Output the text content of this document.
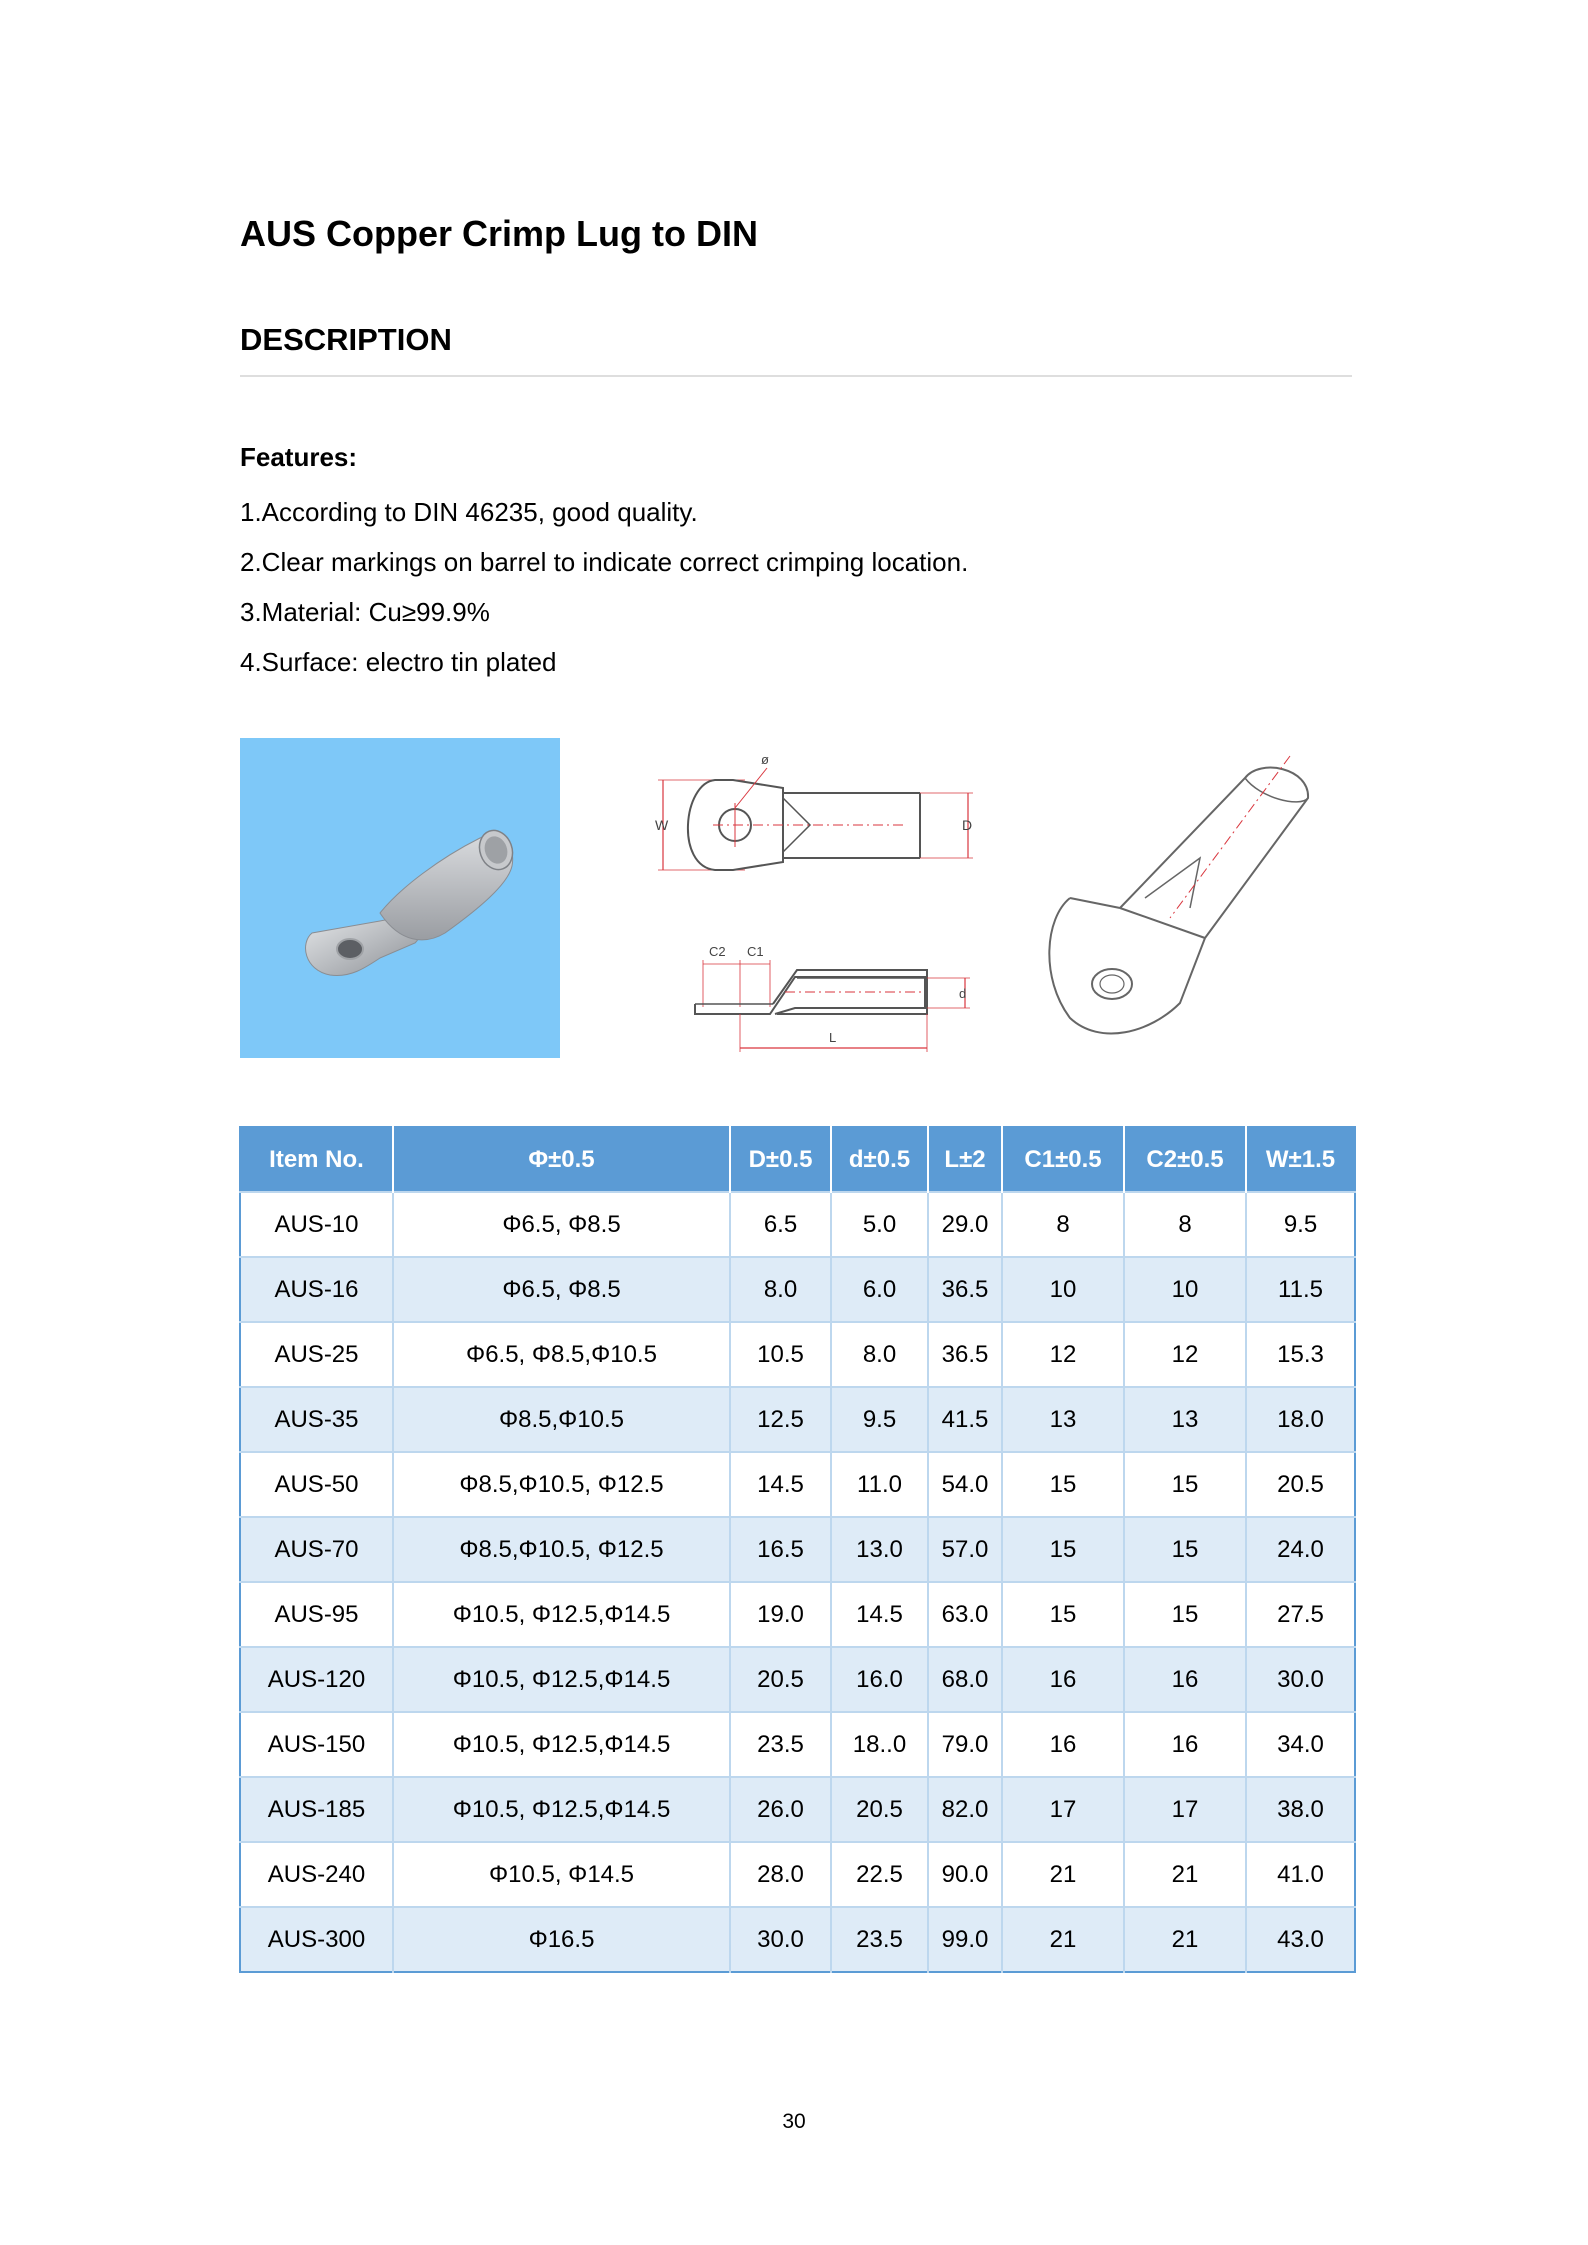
AUS Copper Crimp Lug to DIN
DESCRIPTION
Features:
1.According to DIN 46235, good quality.
2.Clear markings on barrel to indicate correct crimping location.
3.Material: Cu≥99.9%
4.Surface: electro tin plated
W
ø
D
C2 C1
d
L
Item No.	Φ±0.5	D±0.5	d±0.5	L±2	C1±0.5	C2±0.5	W±1.5
AUS-10	Φ6.5, Φ8.5	6.5	5.0	29.0	8	8	9.5
AUS-16	Φ6.5, Φ8.5	8.0	6.0	36.5	10	10	11.5
AUS-25	Φ6.5, Φ8.5,Φ10.5	10.5	8.0	36.5	12	12	15.3
AUS-35	Φ8.5,Φ10.5	12.5	9.5	41.5	13	13	18.0
AUS-50	Φ8.5,Φ10.5, Φ12.5	14.5	11.0	54.0	15	15	20.5
AUS-70	Φ8.5,Φ10.5, Φ12.5	16.5	13.0	57.0	15	15	24.0
AUS-95	Φ10.5, Φ12.5,Φ14.5	19.0	14.5	63.0	15	15	27.5
AUS-120	Φ10.5, Φ12.5,Φ14.5	20.5	16.0	68.0	16	16	30.0
AUS-150	Φ10.5, Φ12.5,Φ14.5	23.5	18..0	79.0	16	16	34.0
AUS-185	Φ10.5, Φ12.5,Φ14.5	26.0	20.5	82.0	17	17	38.0
AUS-240	Φ10.5, Φ14.5	28.0	22.5	90.0	21	21	41.0
AUS-300	Φ16.5	30.0	23.5	99.0	21	21	43.0

30
